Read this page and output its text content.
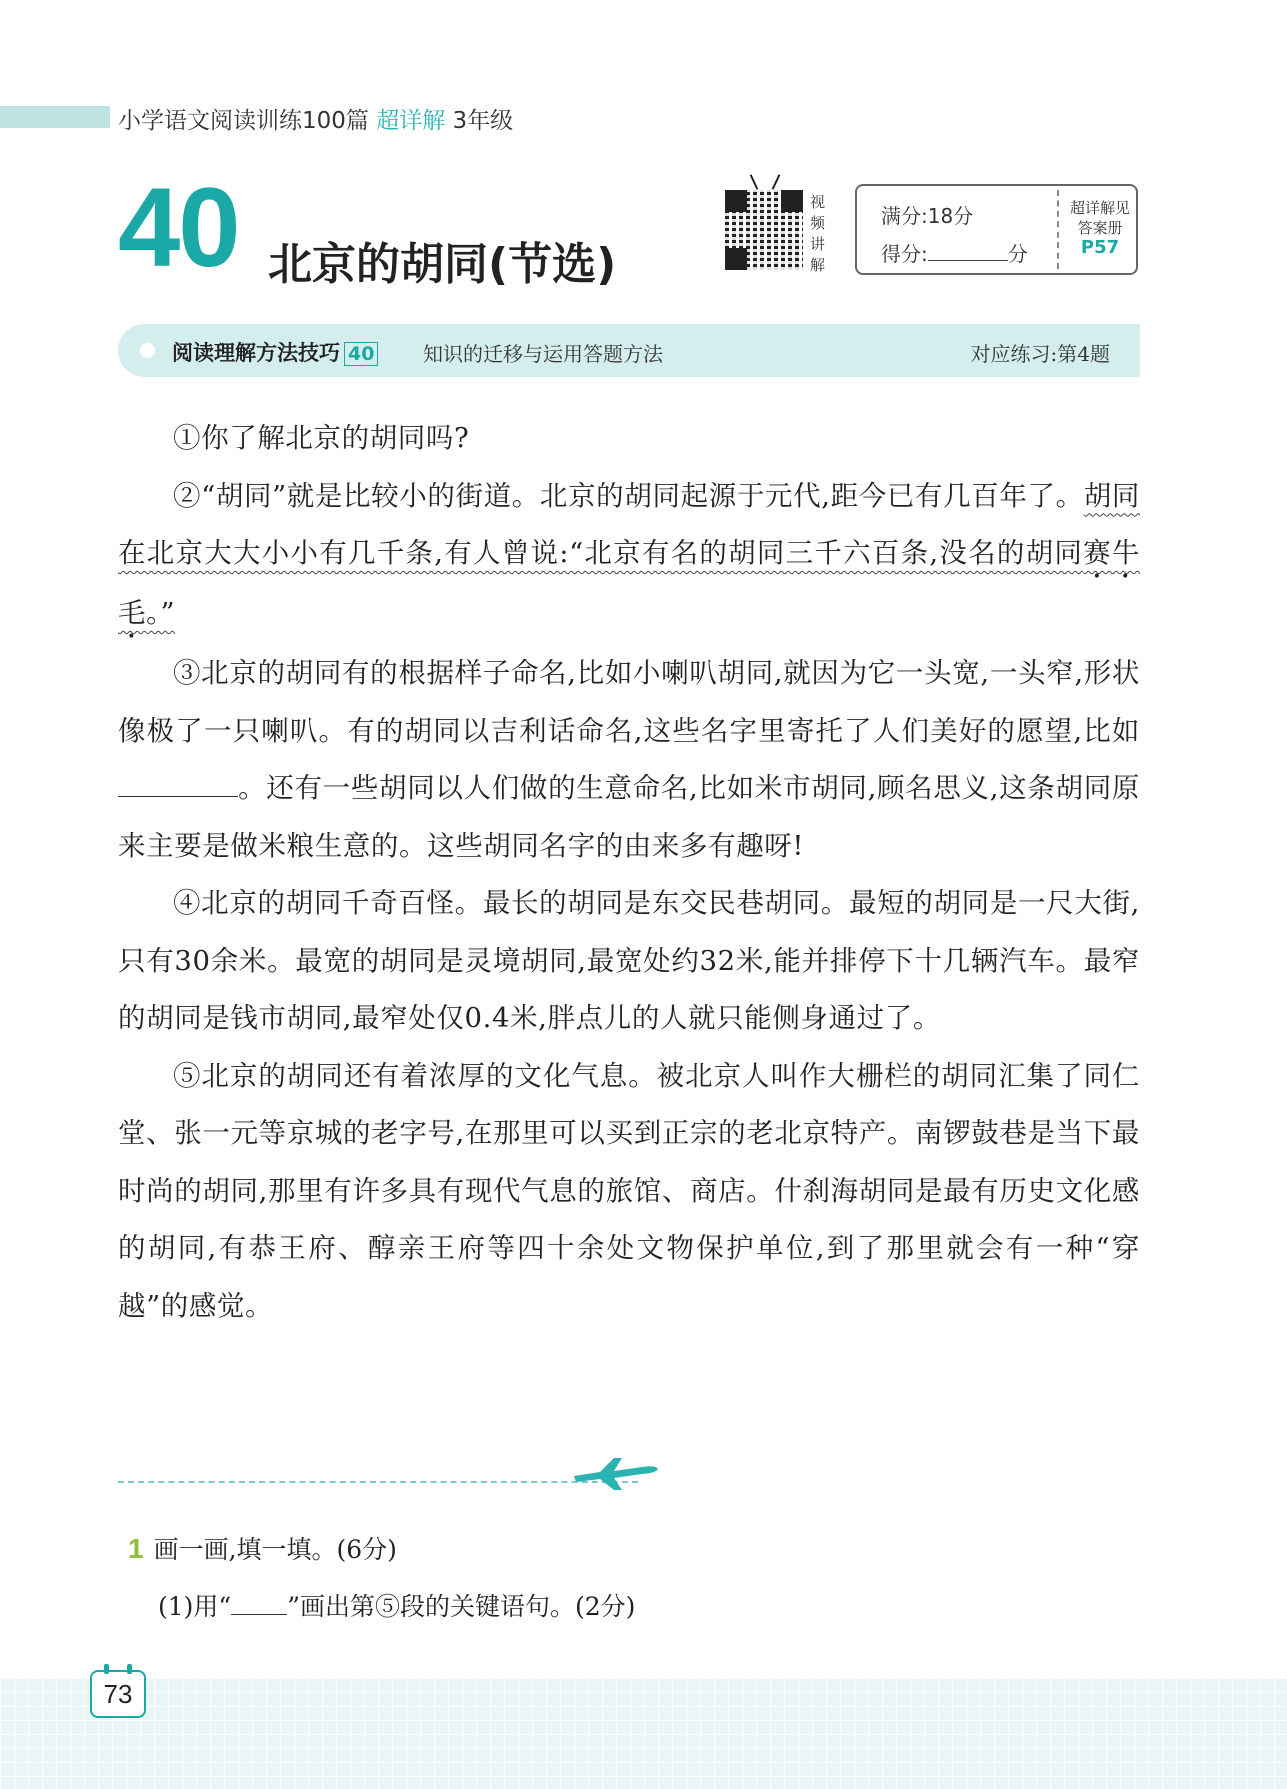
小学语文阅读训练100篇 超详解 3年级
40 北京的胡同(节选)
视频讲解
满分:18分
得分:	分
超详解见
答案册
P57
阅读理解方法技巧 40 知识的迁移与运用答题方法	对应练习:第4题

①你了解北京的胡同吗?

②“胡同”就是比较小的街道。北京的胡同起源于元代,距今已有几百年了。胡同在北京大大小小有几千条,有人曾说:“北京有名的胡同三千六百条,没名的胡同赛牛毛。”

③北京的胡同有的根据样子命名,比如小喇叭胡同,就因为它一头宽,一头窄,形状像极了一只喇叭。有的胡同以吉利话命名,这些名字里寄托了人们美好的愿望,比如。还有一些胡同以人们做的生意命名,比如米市胡同,顾名思义,这条胡同原来主要是做米粮生意的。这些胡同名字的由来多有趣呀!

④北京的胡同千奇百怪。最长的胡同是东交民巷胡同。最短的胡同是一尺大街,只有30余米。最宽的胡同是灵境胡同,最宽处约32米,能并排停下十几辆汽车。最窄的胡同是钱市胡同,最窄处仅0.4米,胖点儿的人就只能侧身通过了。

⑤北京的胡同还有着浓厚的文化气息。被北京人叫作大栅栏的胡同汇集了同仁堂、张一元等京城的老字号,在那里可以买到正宗的老北京特产。南锣鼓巷是当下最时尚的胡同,那里有许多具有现代气息的旅馆、商店。什刹海胡同是最有历史文化感的胡同,有恭王府、醇亲王府等四十余处文物保护单位,到了那里就会有一种“穿越”的感觉。

1 画一画,填一填。(6分)
(1)用“ ”画出第⑤段的关键语句。(2分)
73
